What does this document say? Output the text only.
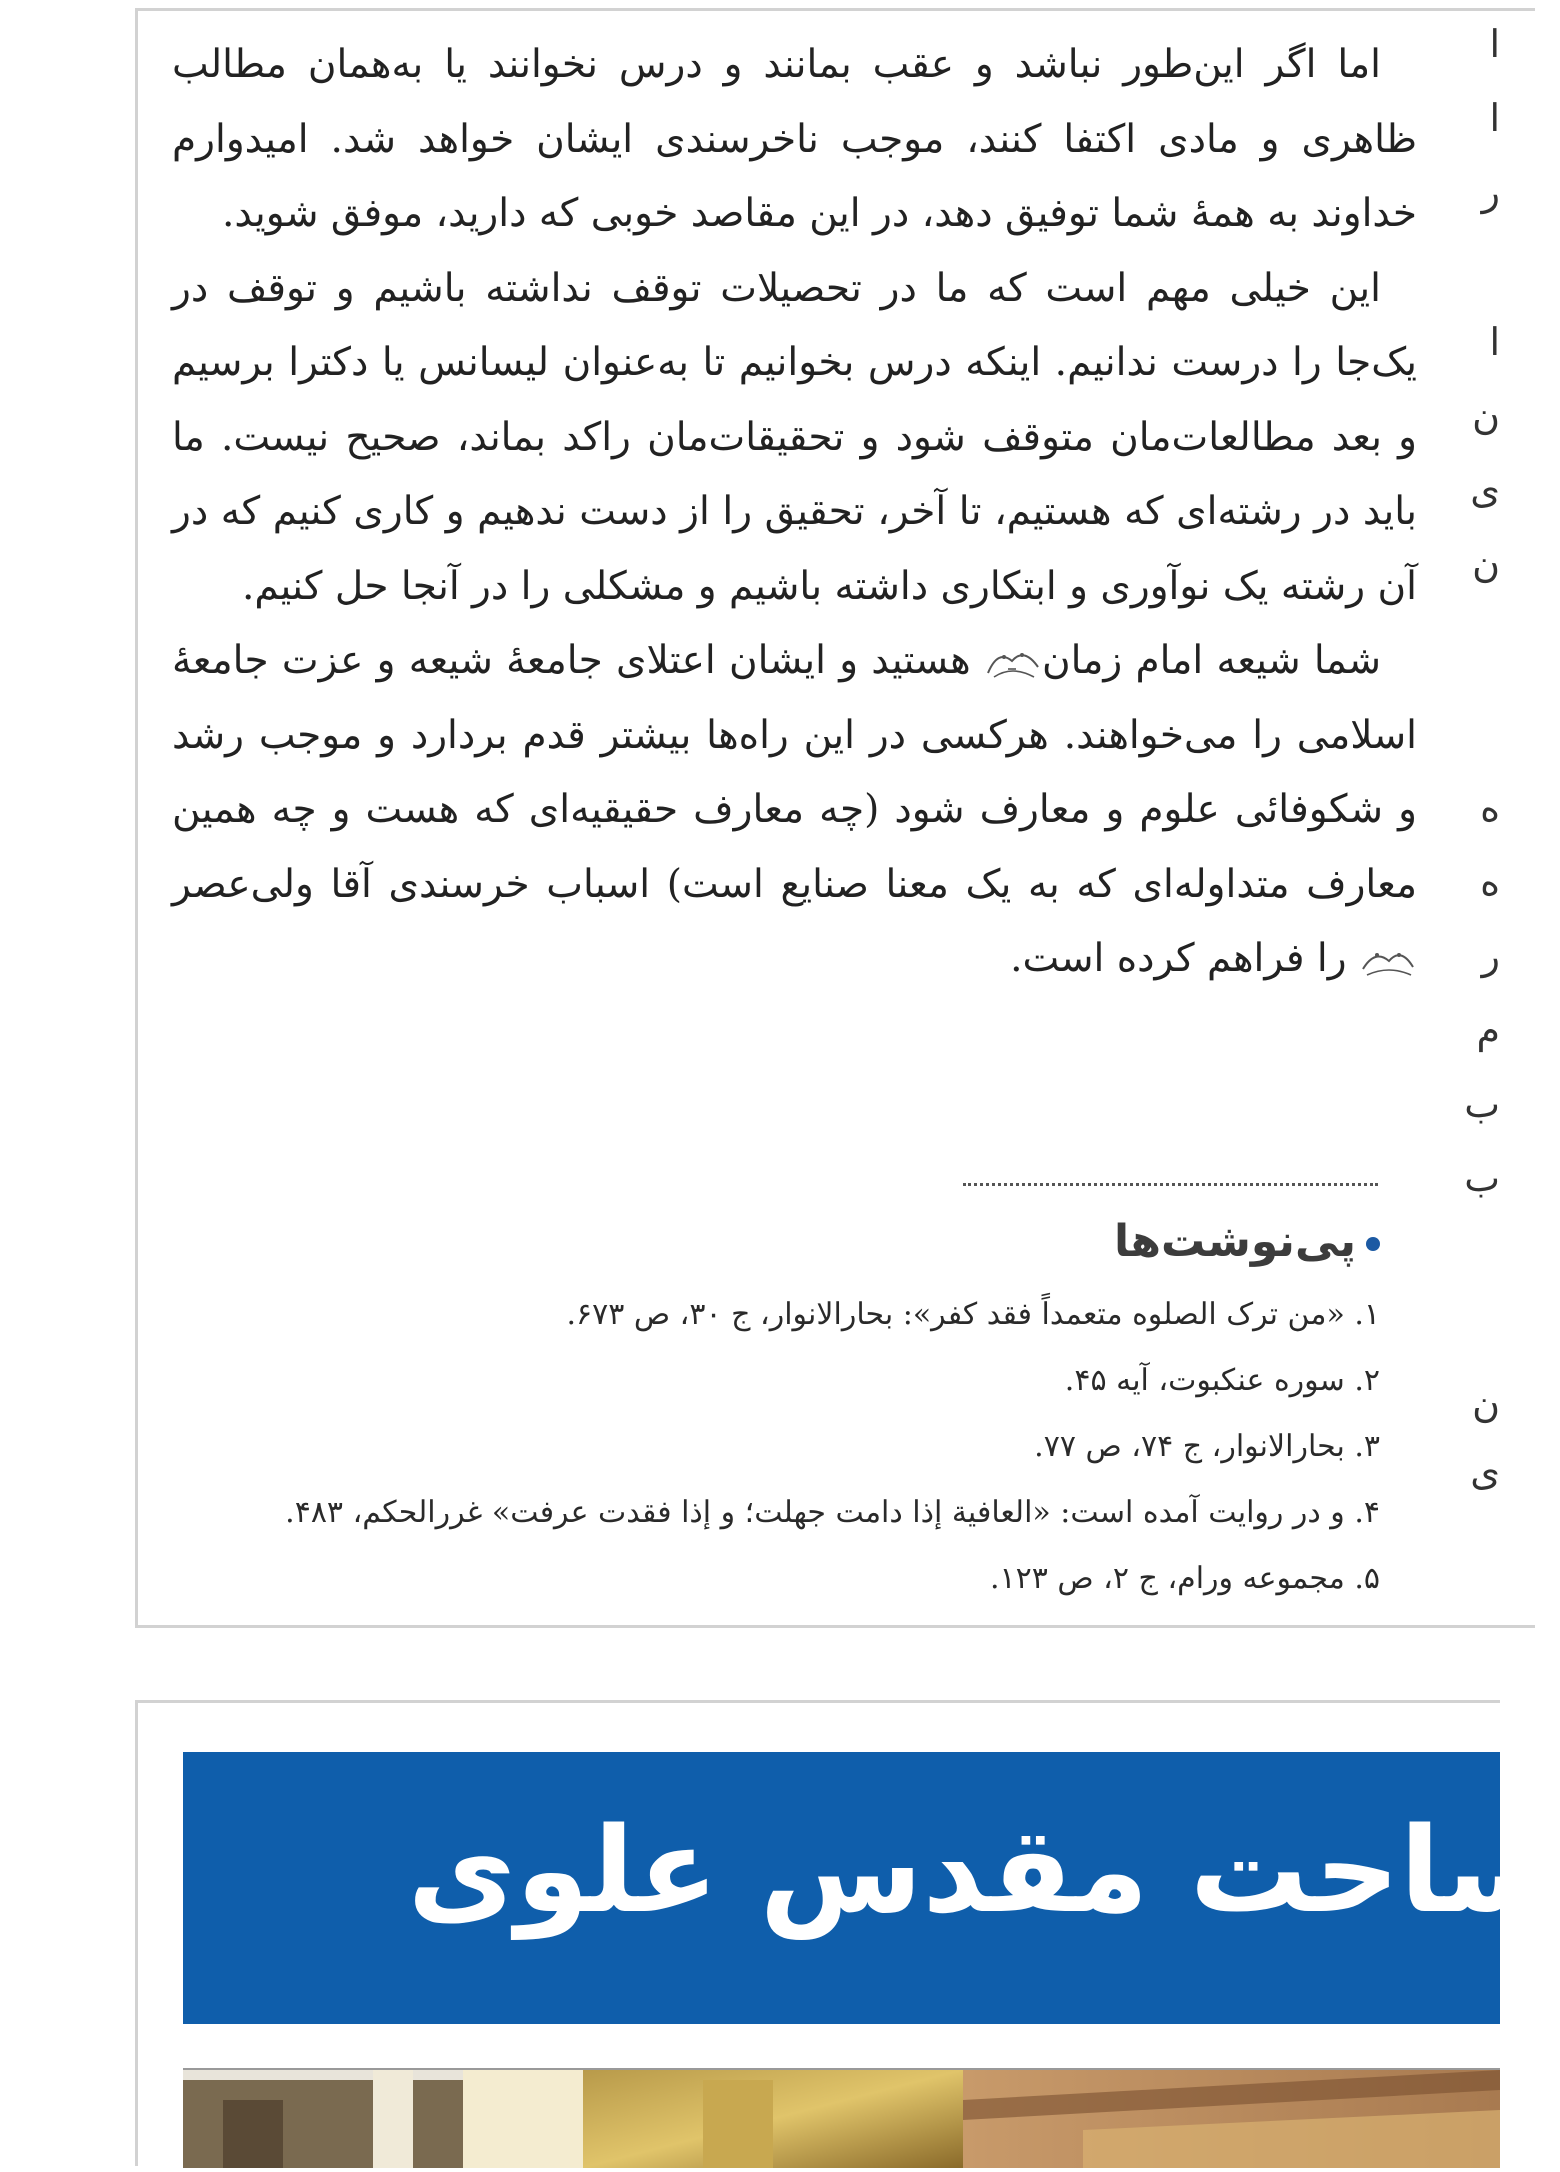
اما اگر این‌طور نباشد و عقب بمانند و درس نخوانند یا به‌همان مطالب ظاهری و مادی اکتفا کنند، موجب ناخرسندی ایشان خواهد شد. امیدوارم خداوند به همهٔ شما توفیق دهد، در این مقاصد خوبی که دارید، موفق شوید.

این خیلی مهم است که ما در تحصیلات توقف نداشته باشیم و توقف در یک‌جا را درست ندانیم. اینکه درس بخوانیم تا به‌عنوان لیسانس یا دکترا برسیم و بعد مطالعات‌مان متوقف شود و تحقیقات‌مان راکد بماند، صحیح نیست. ما باید در رشته‌ای که هستیم، تا آخر، تحقیق را از دست ندهیم و کاری کنیم که در آن رشته یک نوآوری و ابتکاری داشته باشیم و مشکلی را در آنجا حل کنیم.

شما شیعه امام زمان هستید و ایشان اعتلای جامعهٔ شیعه و عزت جامعهٔ اسلامی را می‌خواهند. هرکسی در این راه‌ها بیشتر قدم بردارد و موجب رشد و شکوفائی علوم و معارف شود (چه معارف حقیقیه‌ای که هست و چه همین معارف متداوله‌ای که به یک معنا صنایع است) اسباب خرسندی آقا ولی‌عصر را فراهم کرده است.

پی‌نوشت‌ها

۱. «من ترک الصلوه متعمداً فقد کفر»: بحارالانوار، ج ۳۰، ص ۶۷۳.

۲. سوره عنکبوت، آیه ۴۵.

۳. بحارالانوار، ج ۷۴، ص ۷۷.

۴. و در روایت آمده است: «العافیة إذا دامت جهلت؛ و إذا فقدت عرفت» غررالحکم، ۴۸۳.

۵. مجموعه ورام، ج ۲، ص ۱۲۳.

ا
ا
ر
ا
ن
ی
ن
ه
ه
ر
م
ب
ب
ن
ی
ساحت مقدس علوی
